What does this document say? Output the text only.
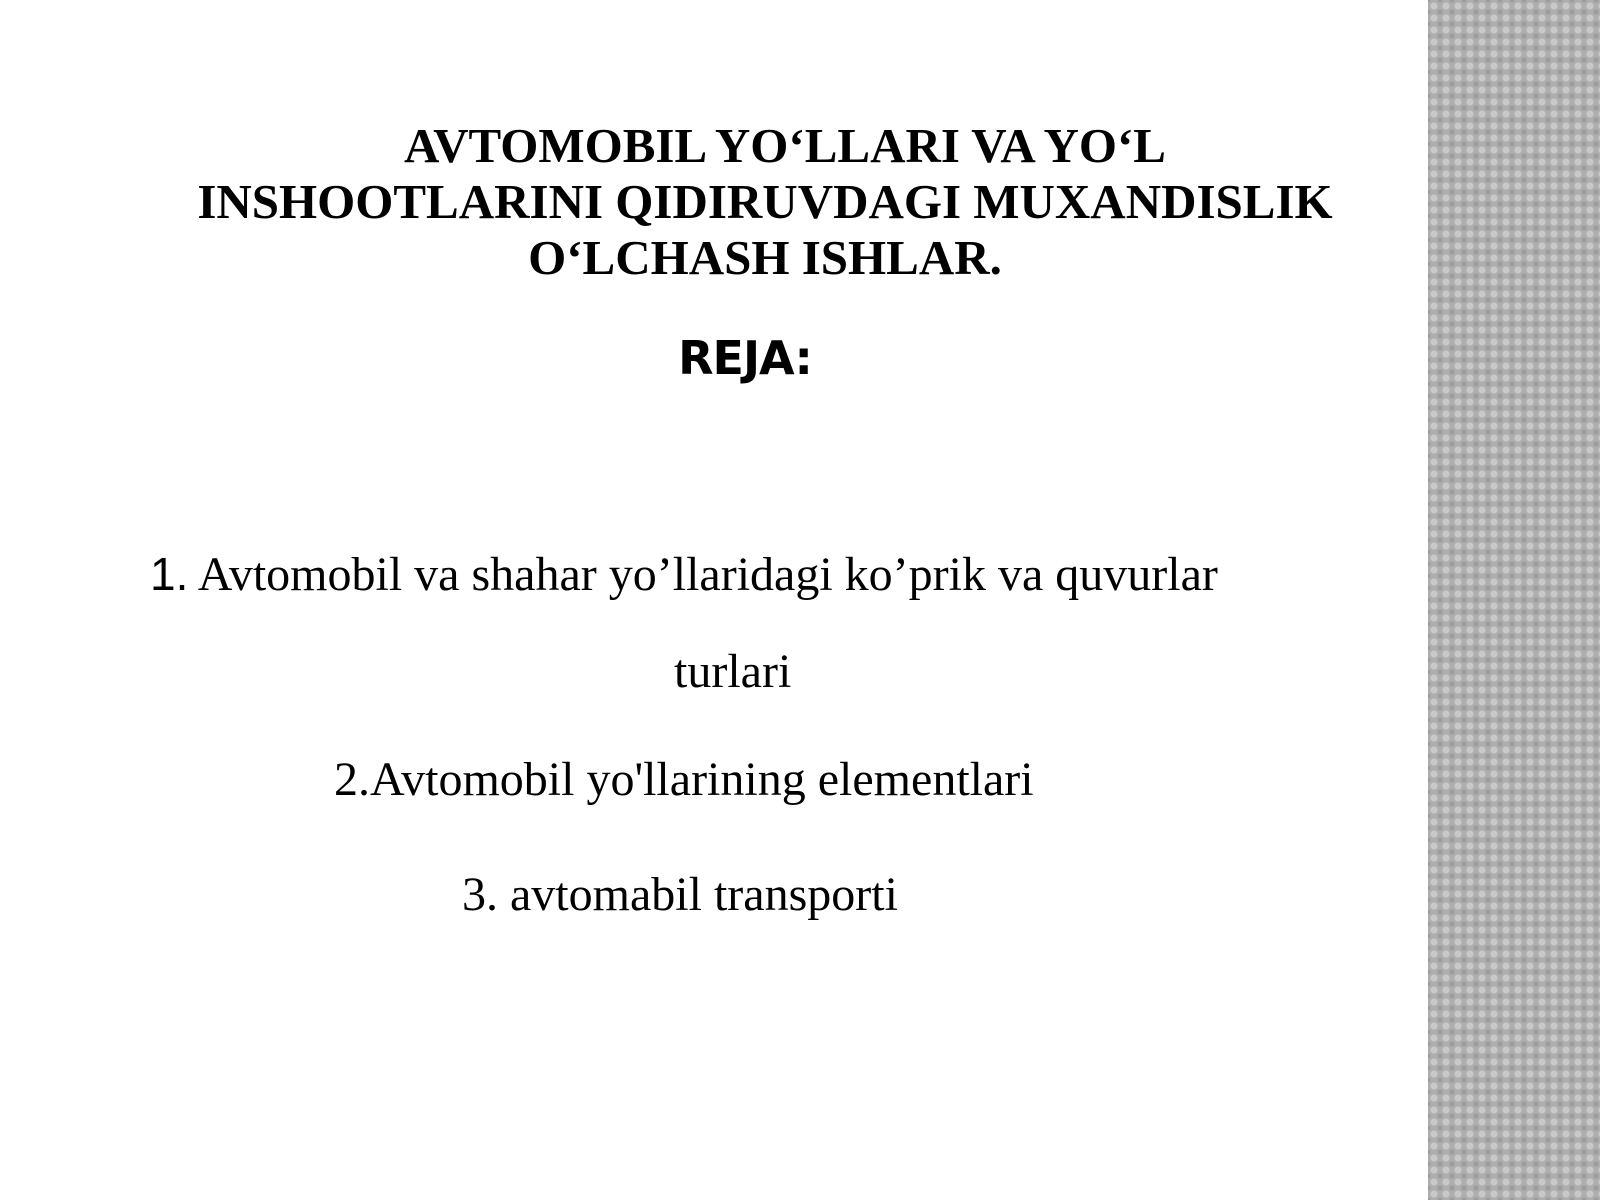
AVTOMOBIL YO‘LLARI VA YO‘L
INSHOOTLARINI QIDIRUVDAGI MUXANDISLIK
O‘LCHASH ISHLAR.
REJA:
1. Avtomobil va shahar yo’llaridagi ko’prik va quvurlar
turlari
2.Avtomobil yo'llarining elementlari
3. avtomabil transporti
